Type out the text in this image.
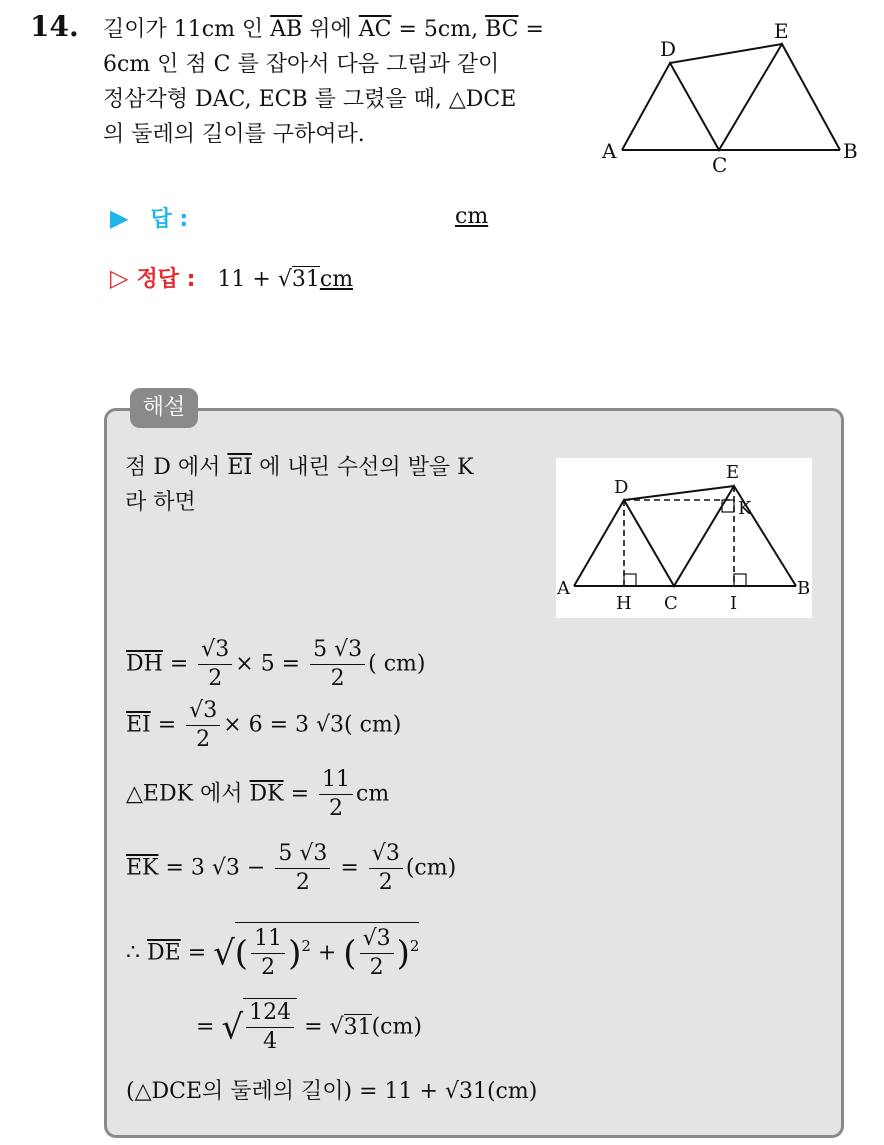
14. 길이가 11cm 인 $\overline{AB}$ 위에 $\overline{AC} = 5cm$, $\overline{BC}$ =
6cm 인 점 C 를 잡아서 다음 그림과 같이
정삼각형 DAC, ECB 를 그렸을 때, △DCE
의 둘레의 길이를 구하여라.
A	B
C
D
E
▶ 답 :	cm
▷ 정답 : 11 + √31cm
해설
점 D 에서 $\overline{EI}$ 에 내린 수선의 발을 K
라 하면
A	B
C
D
E
H	I
K
$\overline{DH} = \frac{√3}{2} \times 5 = \frac{5 √3}{2}$ ( cm)
$\overline{EI} = \frac{√3}{2} \times 6 = 3$ √3( cm)
△EDK 에서 $\overline{DK} = \frac{11}{2}$ cm
$\overline{EK} = 3$ $√3 - \frac{5 √3}{2} = \frac{√3}{2} (cm)$
∴ $\overline{DE}$ = √( $\frac{11}{2} )^2$ + ( $\frac{√3}{2} )^2$
= √ $\frac{124}{4} = √31(cm)$
(△DCE의 둘레의 길이) = 11 + √31(cm)
